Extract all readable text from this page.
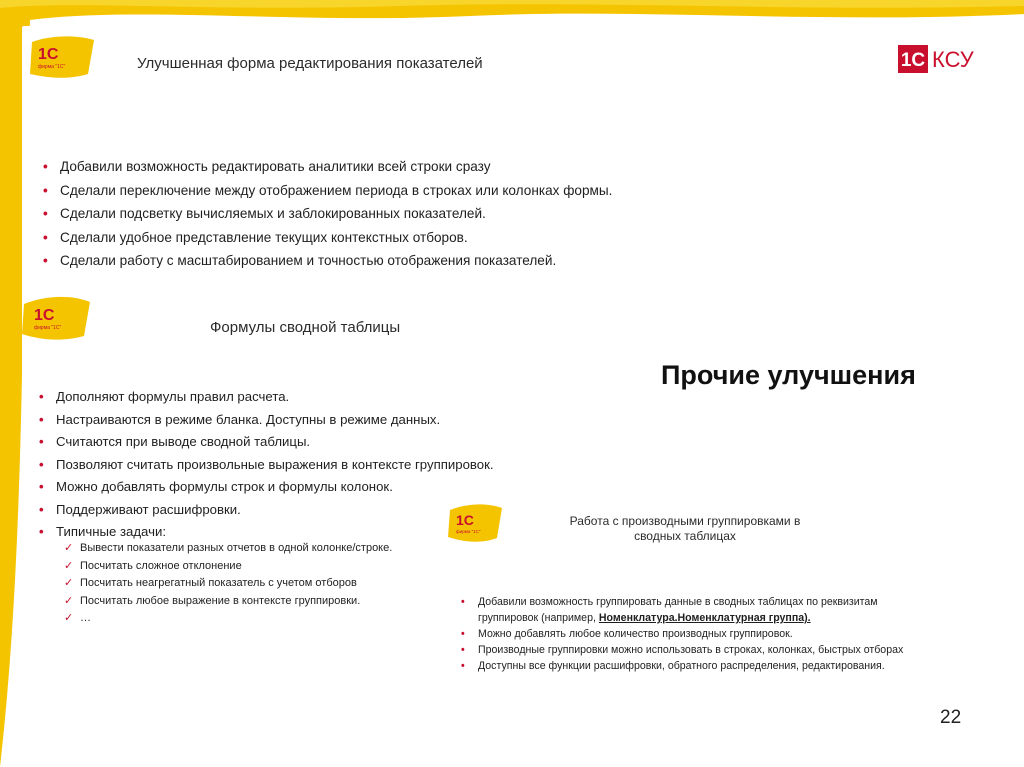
1С КСУ
1С
фирма "1С"	Улучшенная форма редактирования показателей
• Добавили возможность редактировать аналитики всей строки сразу
• Сделали переключение между отображением периода в строках или колонках формы.
• Сделали подсветку вычисляемых и заблокированных показателей.
• Сделали удобное представление текущих контекстных отборов.
• Сделали работу с масштабированием и точностью отображения показателей.
1С
фирма "1С"	Формулы сводной таблицы
• Дополняют формулы правил расчета.
• Настраиваются в режиме бланка. Доступны в режиме данных.
• Считаются при выводе сводной таблицы.
• Позволяют считать произвольные выражения в контексте группировок.
• Можно добавлять формулы строк и формулы колонок.
• Поддерживают расшифровки.
• Типичные задачи:
✓ Вывести показатели разных отчетов в одной колонке/строке.
✓ Посчитать сложное отклонение
✓ Посчитать неагрегатный показатель с учетом отборов
✓ Посчитать любое выражение в контексте группировки.
✓ …
Прочие улучшения
1С
фирма "1С"
Работа с производными группировками в
сводных таблицах
• Добавили возможность группировать данные в сводных таблицах по реквизитам
группировок (например, Номенклатура.Номенклатурная группа).
• Можно добавлять любое количество производных группировок.
• Производные группировки можно использовать в строках, колонках, быстрых отборах
• Доступны все функции расшифровки, обратного распределения, редактирования.
22
